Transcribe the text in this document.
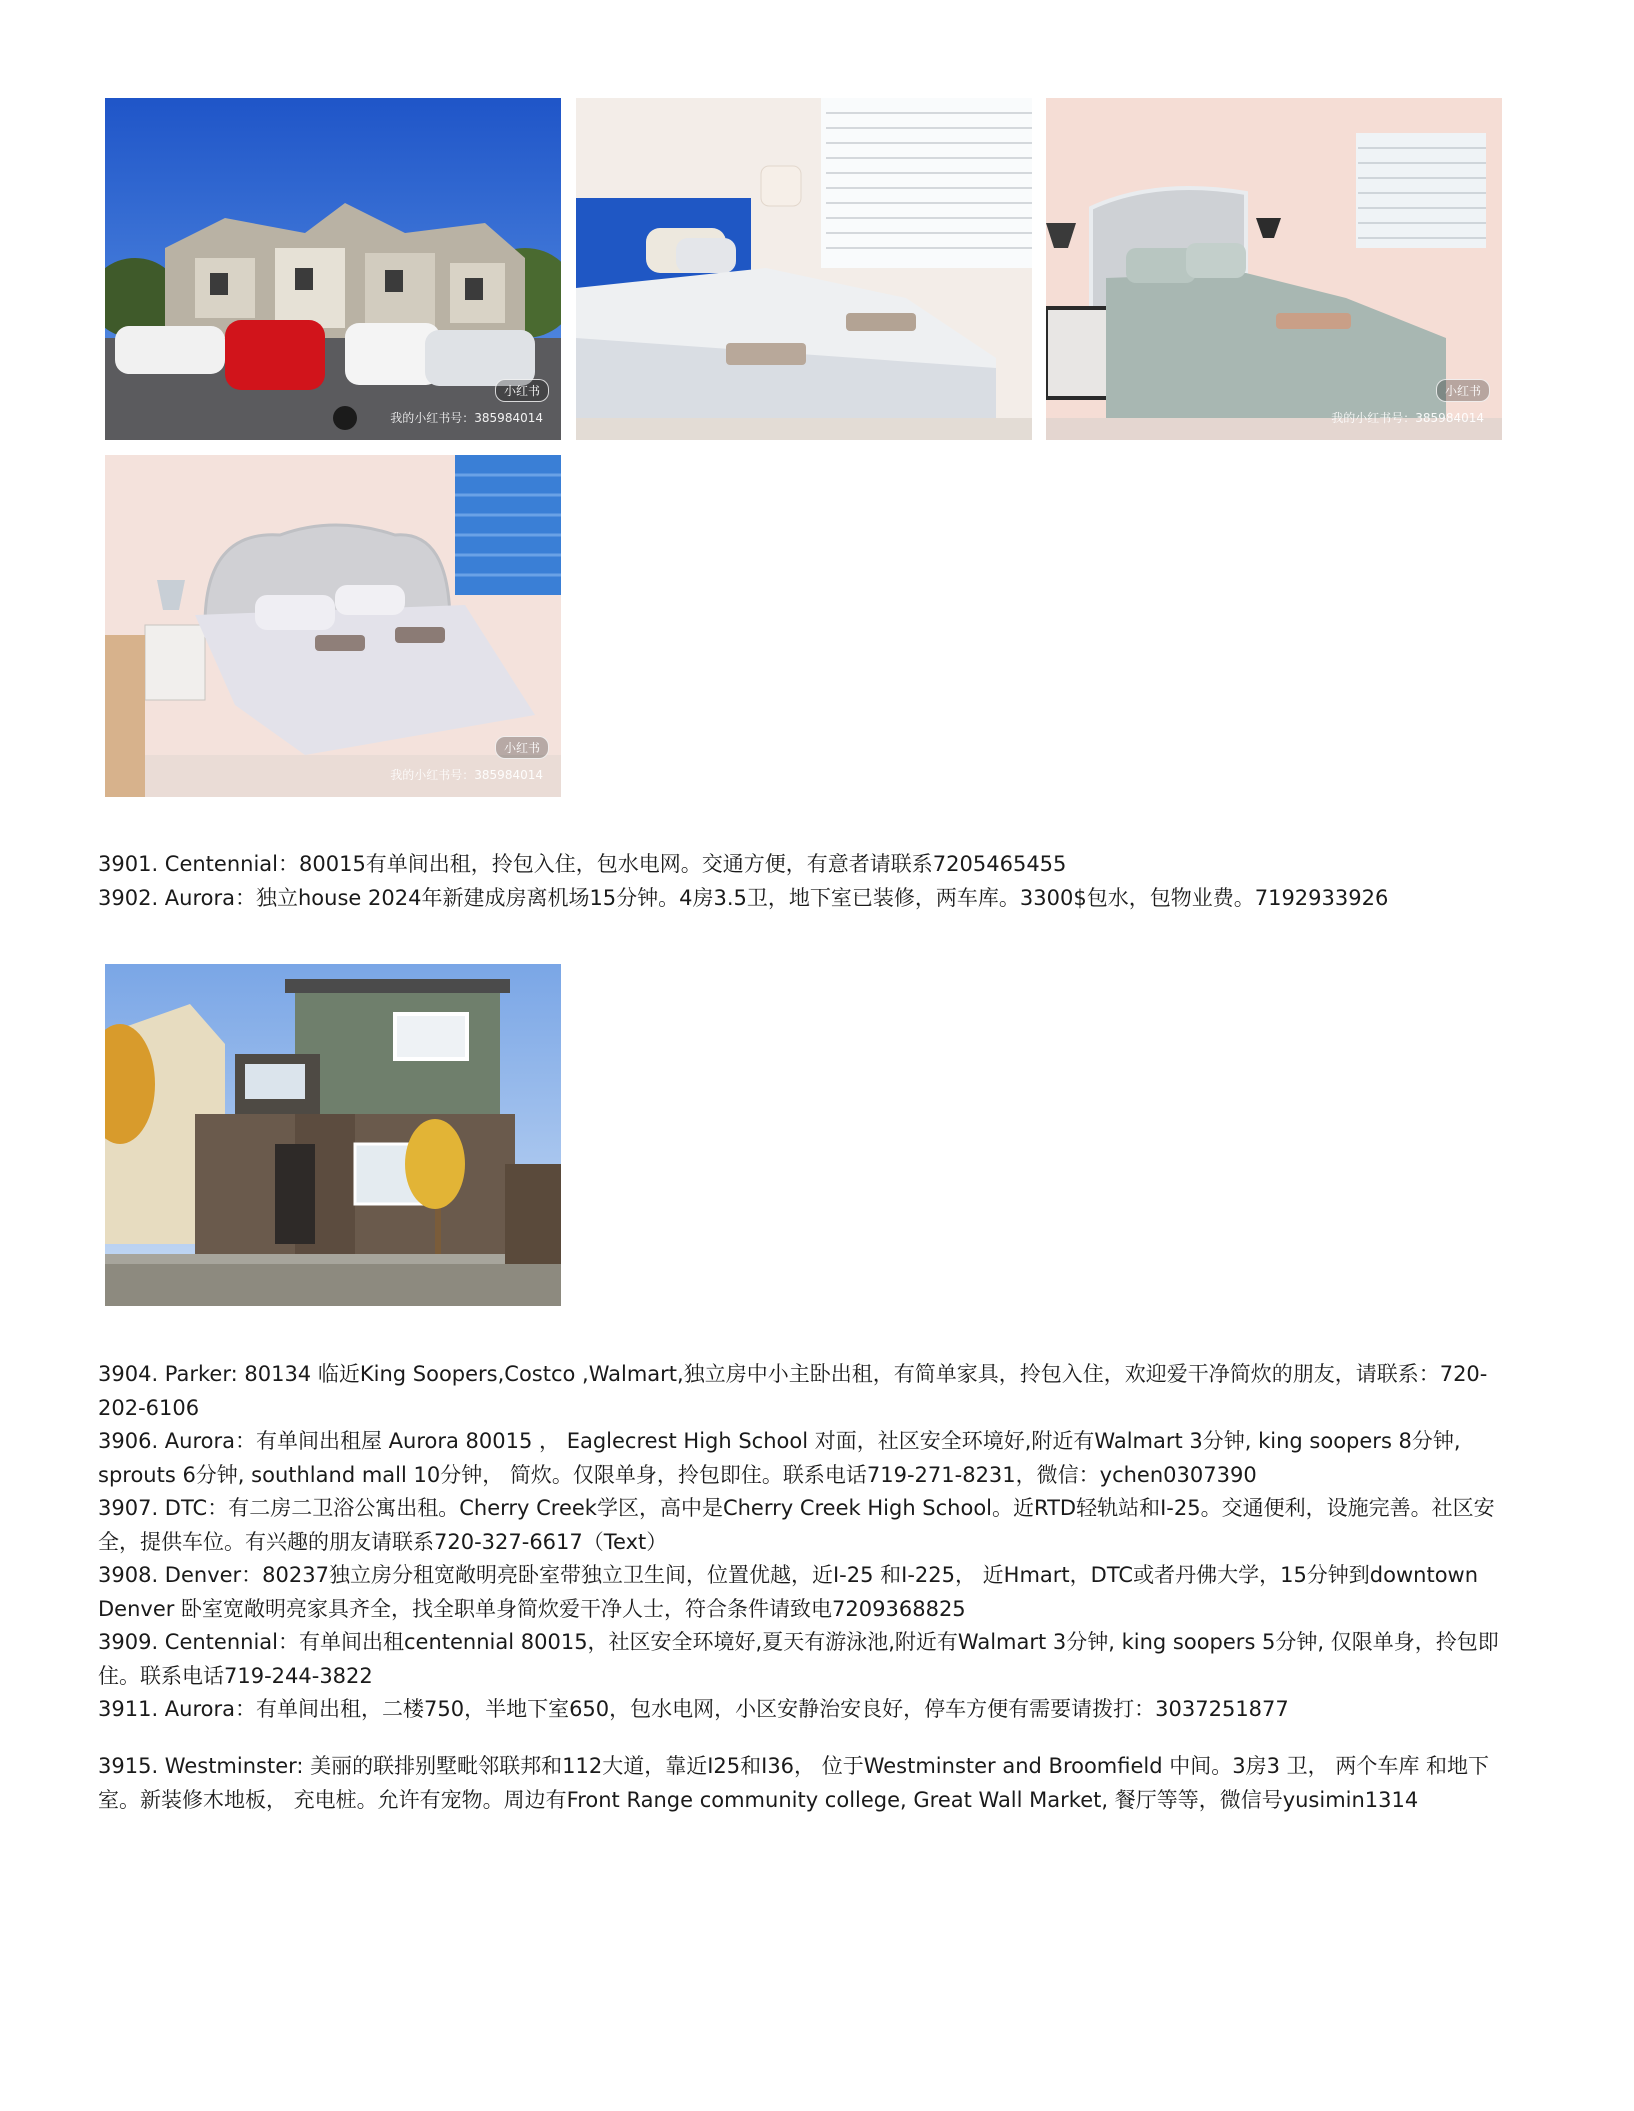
小红书
我的小红书号：385984014
小红书
我的小红书号：385984014
小红书
我的小红书号：385984014

3901. Centennial：80015有单间出租，拎包入住，包水电网。交通方便，有意者请联系7205465455

3902. Aurora：独立house 2024年新建成房离机场15分钟。4房3.5卫，地下室已装修，两车库。3300$包水，包物业费。7192933926

3904. Parker: 80134 临近King Soopers,Costco ,Walmart,独立房中小主卧出租，有简单家具，拎包入住，欢迎爱干净简炊的朋友，请联系：720-202-6106

3906. Aurora：有单间出租屋 Aurora 80015 ， Eaglecrest High School 对面，社区安全环境好,附近有Walmart 3分钟, king soopers 8分钟, sprouts 6分钟, southland mall 10分钟， 简炊。仅限单身，拎包即住。联系电话719-271-8231，微信：ychen0307390

3907. DTC：有二房二卫浴公寓出租。Cherry Creek学区，高中是Cherry Creek High School。近RTD轻轨站和I-25。交通便利，设施完善。社区安全，提供车位。有兴趣的朋友请联系720-327-6617（Text）

3908. Denver：80237独立房分租宽敞明亮卧室带独立卫生间，位置优越，近I-25 和I-225， 近Hmart，DTC或者丹佛大学，15分钟到downtown Denver 卧室宽敞明亮家具齐全，找全职单身简炊爱干净人士，符合条件请致电7209368825

3909. Centennial：有单间出租centennial 80015，社区安全环境好,夏天有游泳池,附近有Walmart 3分钟, king soopers 5分钟, 仅限单身，拎包即住。联系电话719-244-3822

3911. Aurora：有单间出租，二楼750，半地下室650，包水电网，小区安静治安良好，停车方便有需要请拨打：3037251877

3915. Westminster: 美丽的联排别墅毗邻联邦和112大道，靠近I25和I36， 位于Westminster and Broomfield 中间。3房3 卫， 两个车库 和地下室。新装修木地板， 充电桩。允许有宠物。周边有Front Range community college, Great Wall Market, 餐厅等等，微信号yusimin1314
